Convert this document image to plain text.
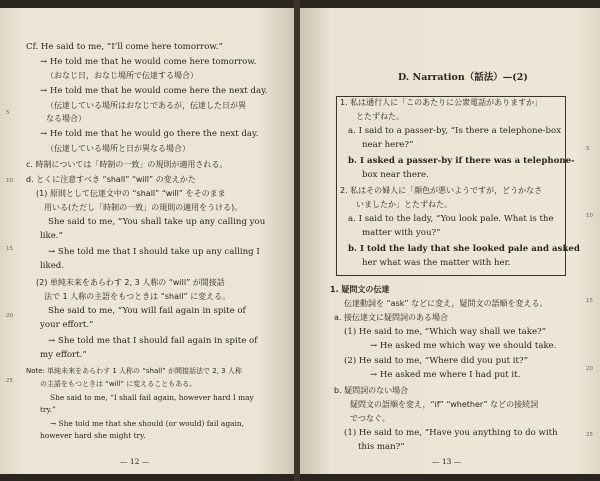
Cf. He said to me, “I’ll come here tomorrow.”
→ He told me that he would come here tomorrow.
（おなじ日，おなじ場所で伝達する場合）
→ He told me that he would come here the next day.
（伝達している場所はおなじであるが，伝達した日が異
なる場合）
→ He told me that he would go there the next day.
（伝達している場所と日が異なる場合）
c. 時制については「時制の一致」の規則が適用される。
d. とくに注意すべき “shall” “will” の変えかた
(1) 原則として伝達文中の “shall” “will” をそのまま
用いる(ただし「時制の一致」の規則の適用をうける)。
She said to me, “You shall take up any calling you
like.”
→ She told me that I should take up any calling I
liked.
(2) 単純未来をあらわす 2, 3 人称の “will” が間接話
法で 1 人称の主語をもつときは “shall” に変える。
She said to me, “You will fail again in spite of
your effort.”
→ She told me that I should fail again in spite of
my effort.”
Note: 単純未来をあらわす 1 人称の “shall” が間接話法で 2, 3 人称
の主語をもつときは “will” に変えることもある。
She said to me, “I shall fail again, however hard I may
try.”
→ She told me that she should (or would) fail again,
however hard she might try.
— 12 —
5
10
15
20
25
D. Narration（話法）—(2)
1. 私は通行人に「このあたりに公衆電話がありますか」
とたずねた。
a. I said to a passer-by, “Is there a telephone-box
near here?”
b. I asked a passer-by if there was a telephone-
box near there.
2. 私はその婦人に「顔色が悪いようですが，どうかなさ
いましたか」とたずねた。
a. I said to the lady, “You look pale. What is the
matter with you?”
b. I told the lady that she looked pale and asked
her what was the matter with her.
1. 疑問文の伝達
伝達動詞を “ask” などに変え，疑問文の語順を変える。
a. 接伝達文に疑問詞のある場合
(1) He said to me, “Which way shall we take?”
→ He asked me which way we should take.
(2) He said to me, “Where did you put it?”
→ He asked me where I had put it.
b. 疑問詞のない場合
疑問文の語順を変え，“if” “whether” などの接続詞
でつなぐ。
(1) He said to me, “Have you anything to do with
this man?”
— 13 —
5
10
15
20
25
